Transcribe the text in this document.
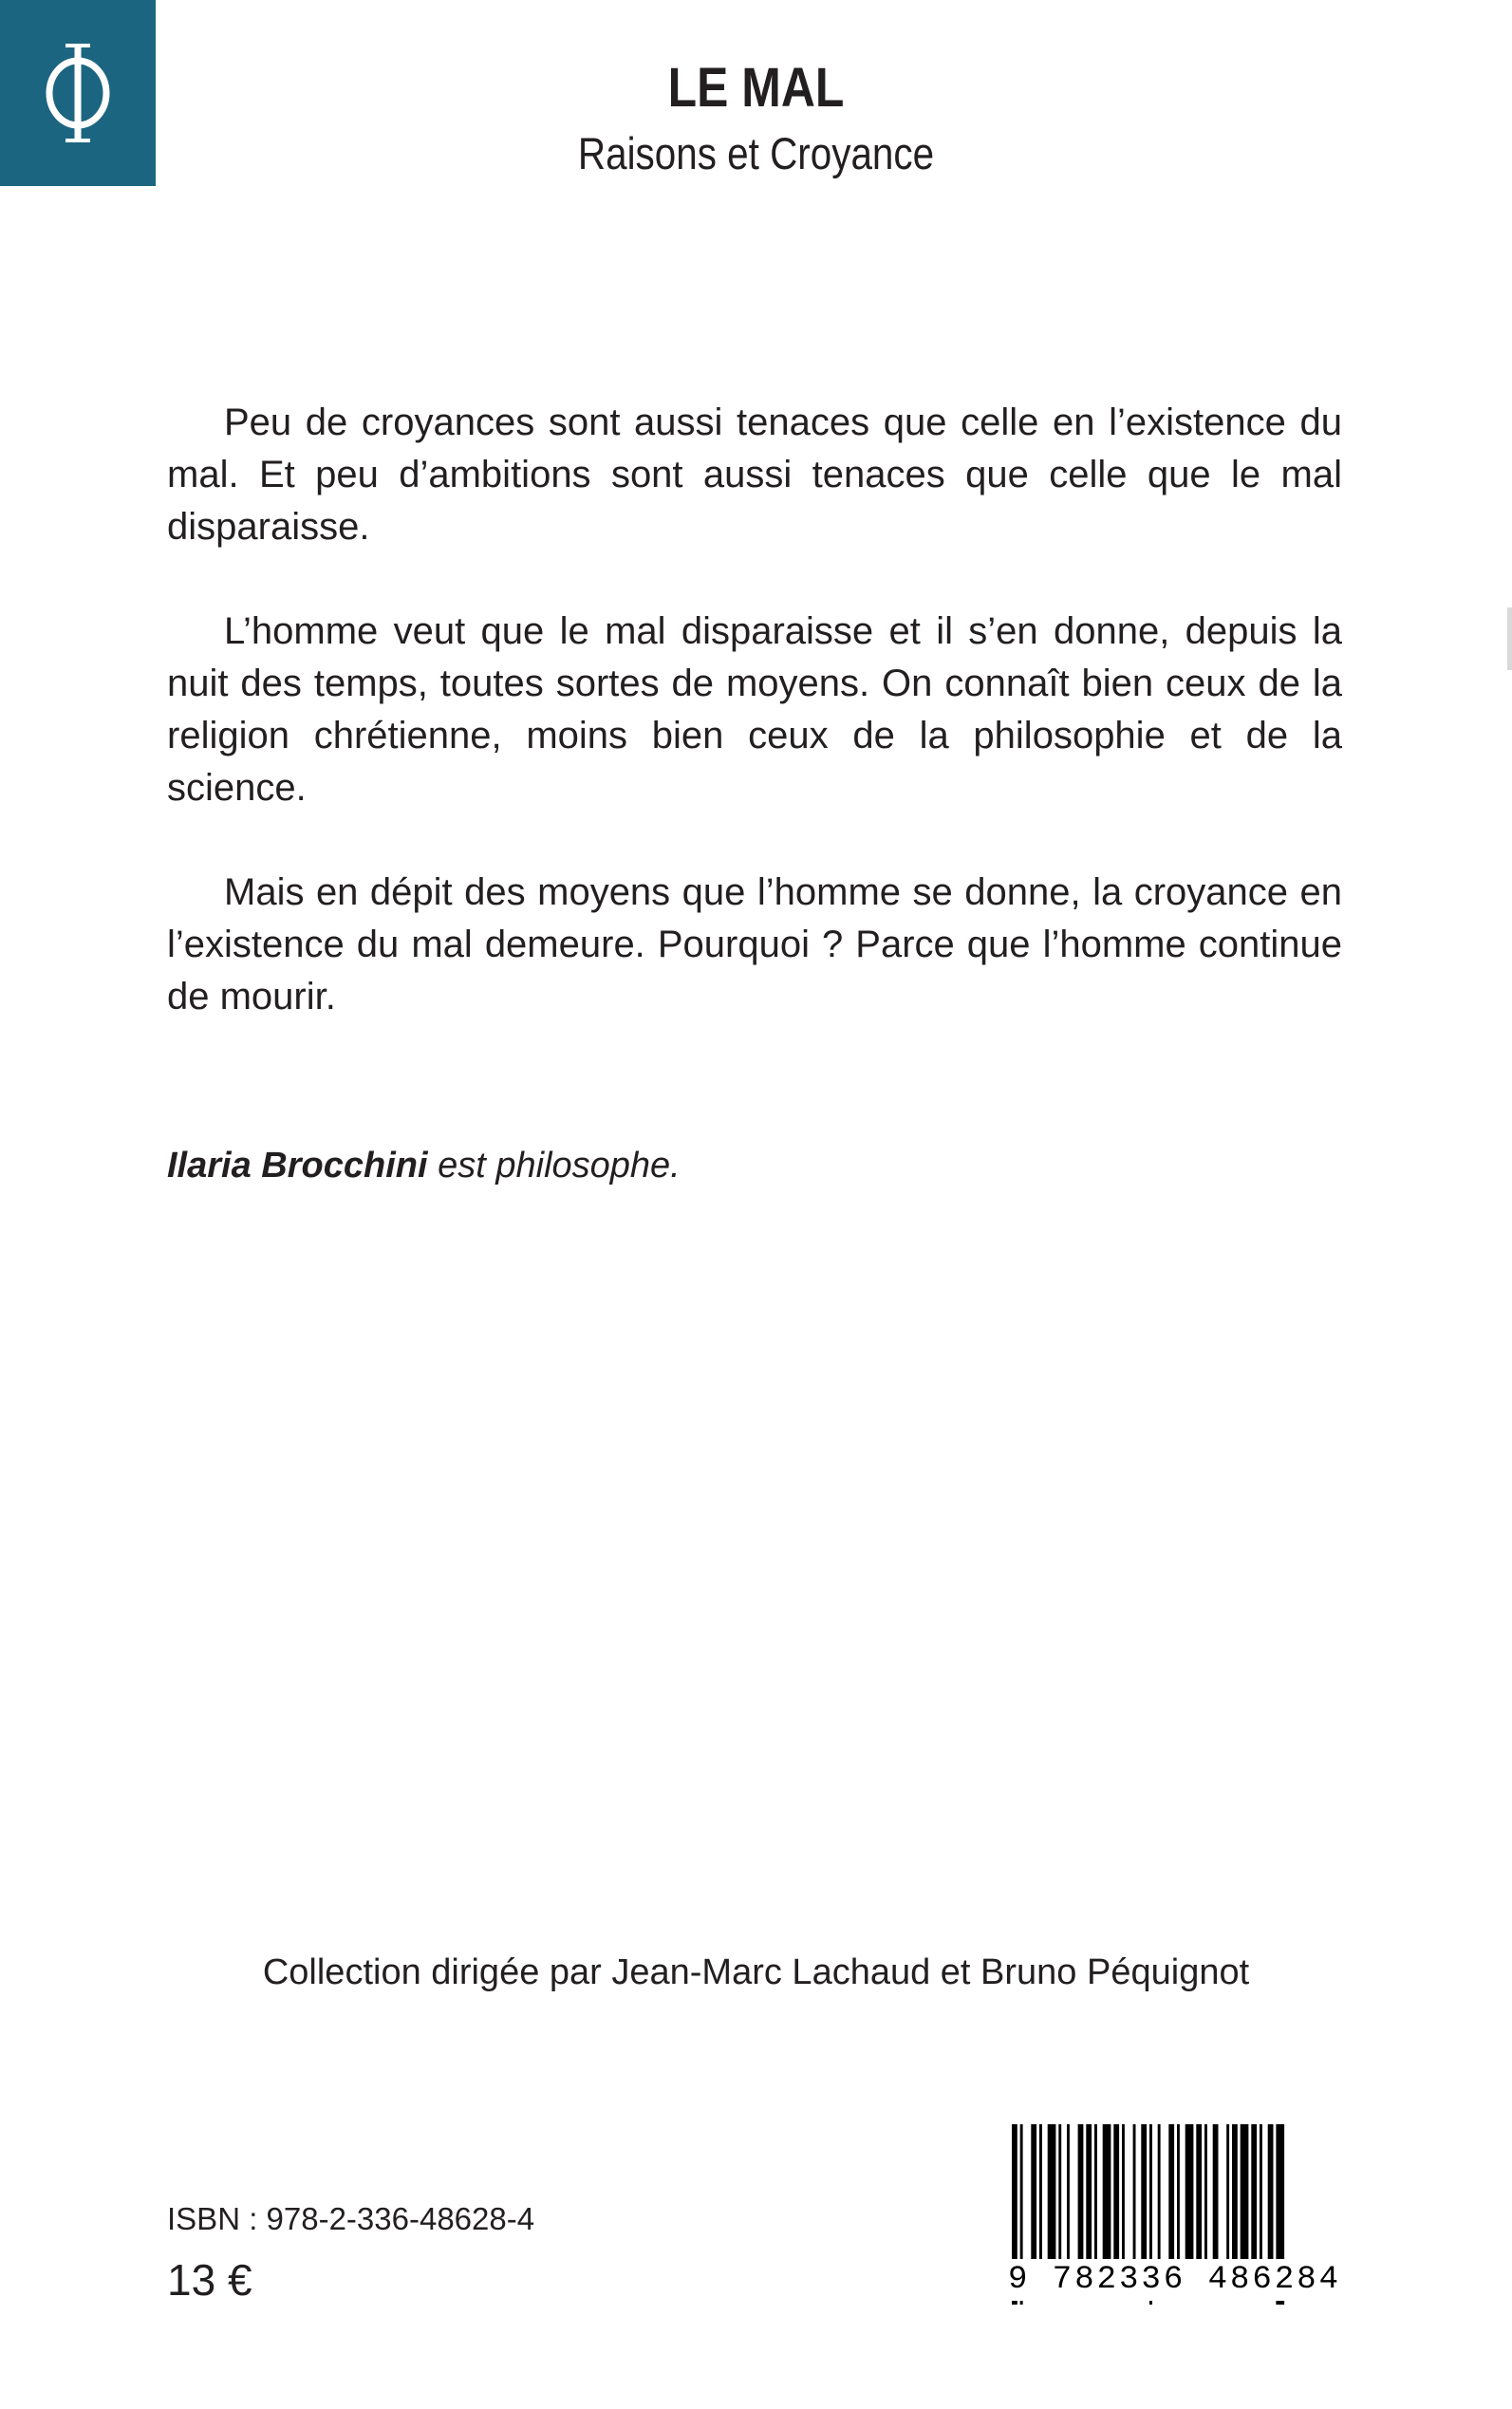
LE MAL
Raisons et Croyance

Peu de croyances sont aussi tenaces que celle en l’existence du mal. Et peu d’ambitions sont aussi tenaces que celle que le mal disparaisse.

L’homme veut que le mal disparaisse et il s’en donne, depuis la nuit des temps, toutes sortes de moyens. On connaît bien ceux de la religion chrétienne, moins bien ceux de la philosophie et de la science.

Mais en dépit des moyens que l’homme se donne, la croyance en l’existence du mal demeure. Pourquoi ? Parce que l’homme continue de mourir.

Ilaria Brocchini est philosophe.
Collection dirigée par Jean-Marc Lachaud et Bruno Péquignot
ISBN : 978-2-336-48628-4
13 €	9 782336 486284
